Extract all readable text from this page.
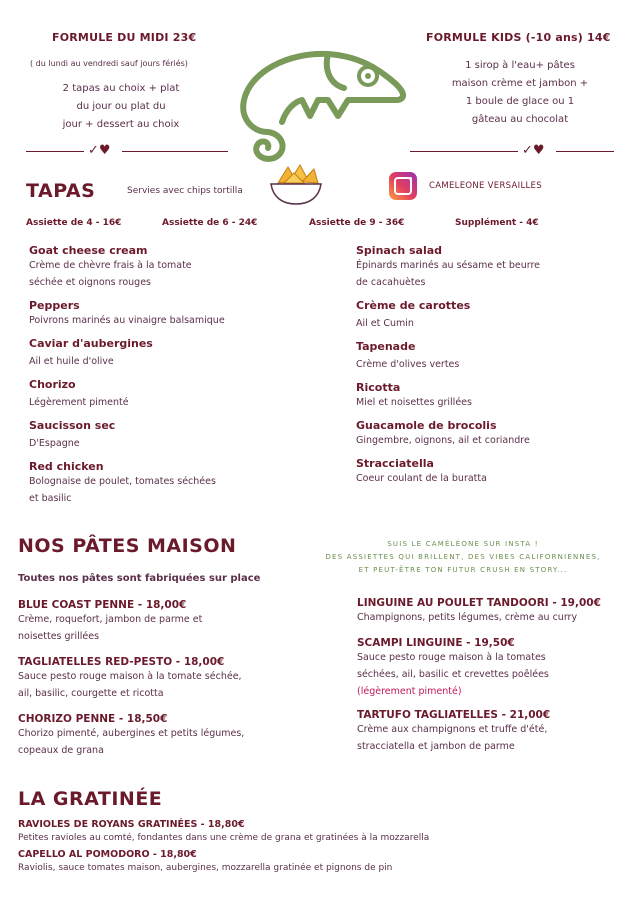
FORMULE DU MIDI 23€
( du lundi au vendredi sauf jours fériés)
2 tapas au choix + plat
du jour ou plat du
jour + dessert au choix
FORMULE KIDS (-10 ans) 14€
1 sirop à l'eau+ pâtes
maison crème et jambon +
1 boule de glace ou 1
gâteau au chocolat
✓♥	✓♥
TAPAS	Servies avec chips tortilla	CAMELEONE VERSAILLES
Assiette de 4 - 16€	Assiette de 6 - 24€	Assiette de 9 - 36€	Supplément - 4€
Goat cheese cream
Crème de chèvre frais à la tomate
séchée et oignons rouges
Peppers
Poivrons marinés au vinaigre balsamique
Caviar d'aubergines
Ail et huile d'olive
Chorizo
Légèrement pimenté
Saucisson sec
D'Espagne
Red chicken
Bolognaise de poulet, tomates séchées
et basilic
Spinach salad
Épinards marinés au sésame et beurre
de cacahuètes
Crème de carottes
Ail et Cumin
Tapenade
Crème d'olives vertes
Ricotta
Miel et noisettes grillées
Guacamole de brocolis
Gingembre, oignons, ail et coriandre
Stracciatella
Coeur coulant de la buratta
NOS PÂTES MAISON
Toutes nos pâtes sont fabriquées sur place
SUIS LE CAMÉLÉONE SUR INSTA !
DES ASSIETTES QUI BRILLENT, DES VIBES CALIFORNIENNES,
ET PEUT-ÊTRE TON FUTUR CRUSH EN STORY...
BLUE COAST PENNE - 18,00€
Crème, roquefort, jambon de parme et
noisettes grillées
TAGLIATELLES RED-PESTO - 18,00€
Sauce pesto rouge maison à la tomate séchée,
ail, basilic, courgette et ricotta
CHORIZO PENNE - 18,50€
Chorizo pimenté, aubergines et petits légumes,
copeaux de grana
LINGUINE AU POULET TANDOORI - 19,00€
Champignons, petits légumes, crème au curry
SCAMPI LINGUINE - 19,50€
Sauce pesto rouge maison à la tomates
séchées, ail, basilic et crevettes poêlées
(légèrement pimenté)
TARTUFO TAGLIATELLES - 21,00€
Crème aux champignons et truffe d'été,
stracciatella et jambon de parme
LA GRATINÉE
RAVIOLES DE ROYANS GRATINÉES - 18,80€
Petites ravioles au comté, fondantes dans une crème de grana et gratinées à la mozzarella
CAPELLO AL POMODORO - 18,80€
Raviolis, sauce tomates maison, aubergines, mozzarella gratinée et pignons de pin
